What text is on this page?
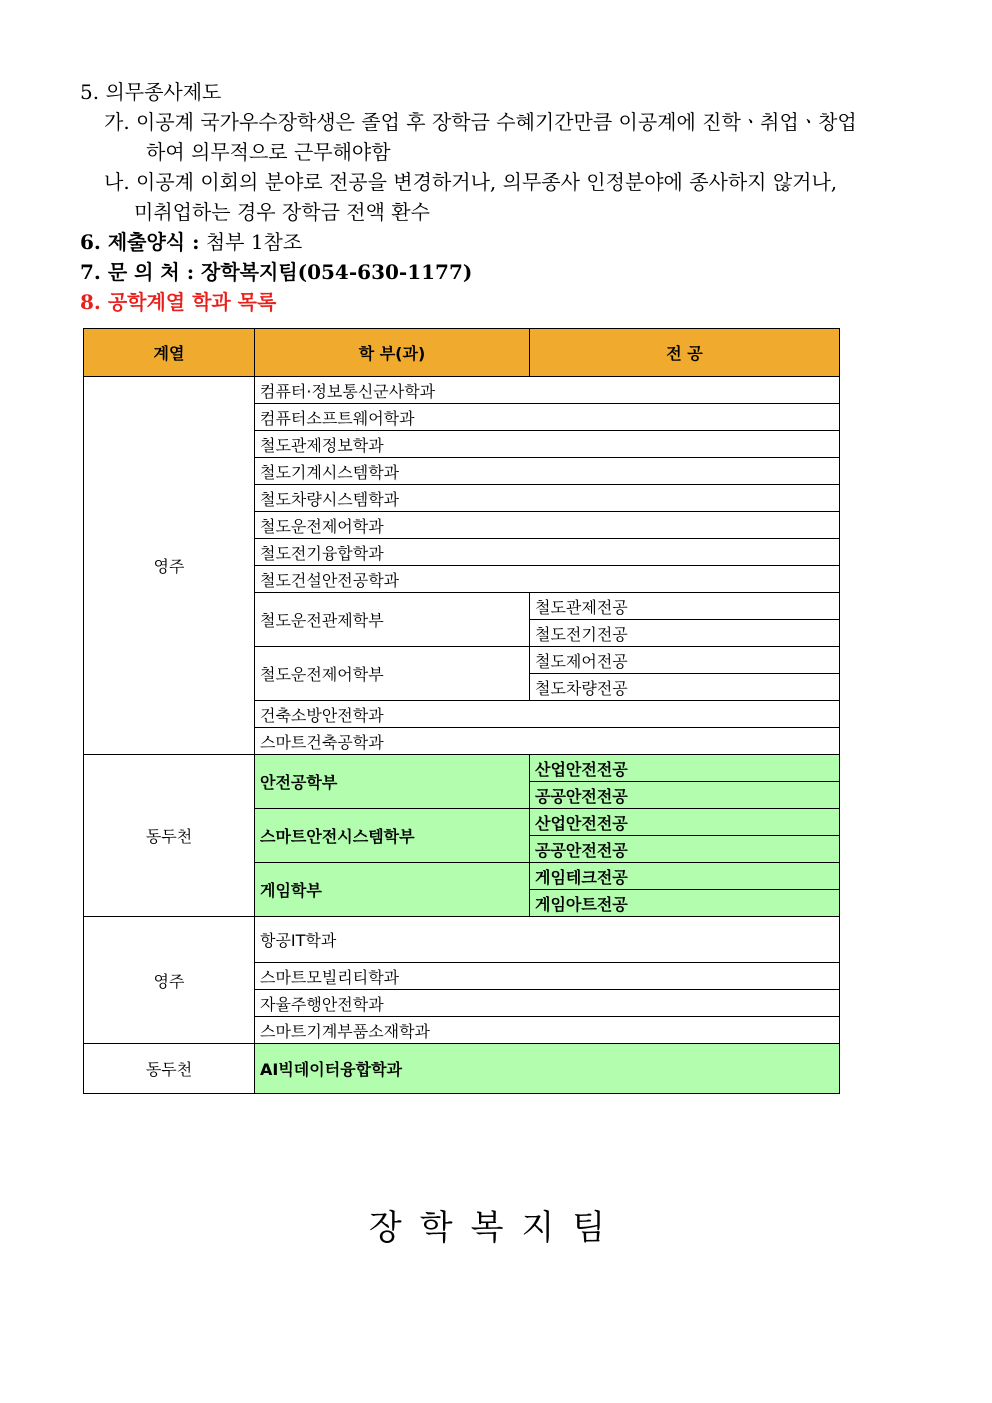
5. 의무종사제도
가. 이공계 국가우수장학생은 졸업 후 장학금 수혜기간만큼 이공계에 진학ㆍ취업ㆍ창업
하여 의무적으로 근무해야함
나. 이공계 이회의 분야로 전공을 변경하거나, 의무종사 인정분야에 종사하지 않거나,
미취업하는 경우 장학금 전액 환수
6. 제출양식 : 첨부 1참조
7. 문 의 처 : 장학복지팀(054-630-1177)
8. 공학계열 학과 목록
계열	학 부(과)	전 공
영주	컴퓨터·정보통신군사학과	
	컴퓨터소프트웨어학과	
	철도관제정보학과	
	철도기계시스템학과	
	철도차량시스템학과	
	철도운전제어학과	
	철도전기융합학과	
	철도건설안전공학과	
	철도운전관제학부	철도관제전공
		철도전기전공
	철도운전제어학부	철도제어전공
		철도차량전공
	건축소방안전학과	
	스마트건축공학과	
동두천	안전공학부	산업안전전공
		공공안전전공
	스마트안전시스템학부	산업안전전공
		공공안전전공
	게임학부	게임테크전공
		게임아트전공
영주	항공IT학과	
	스마트모빌리티학과	
	자율주행안전학과	
	스마트기계부품소재학과	
동두천	AI빅데이터융합학과	
장학복지팀
